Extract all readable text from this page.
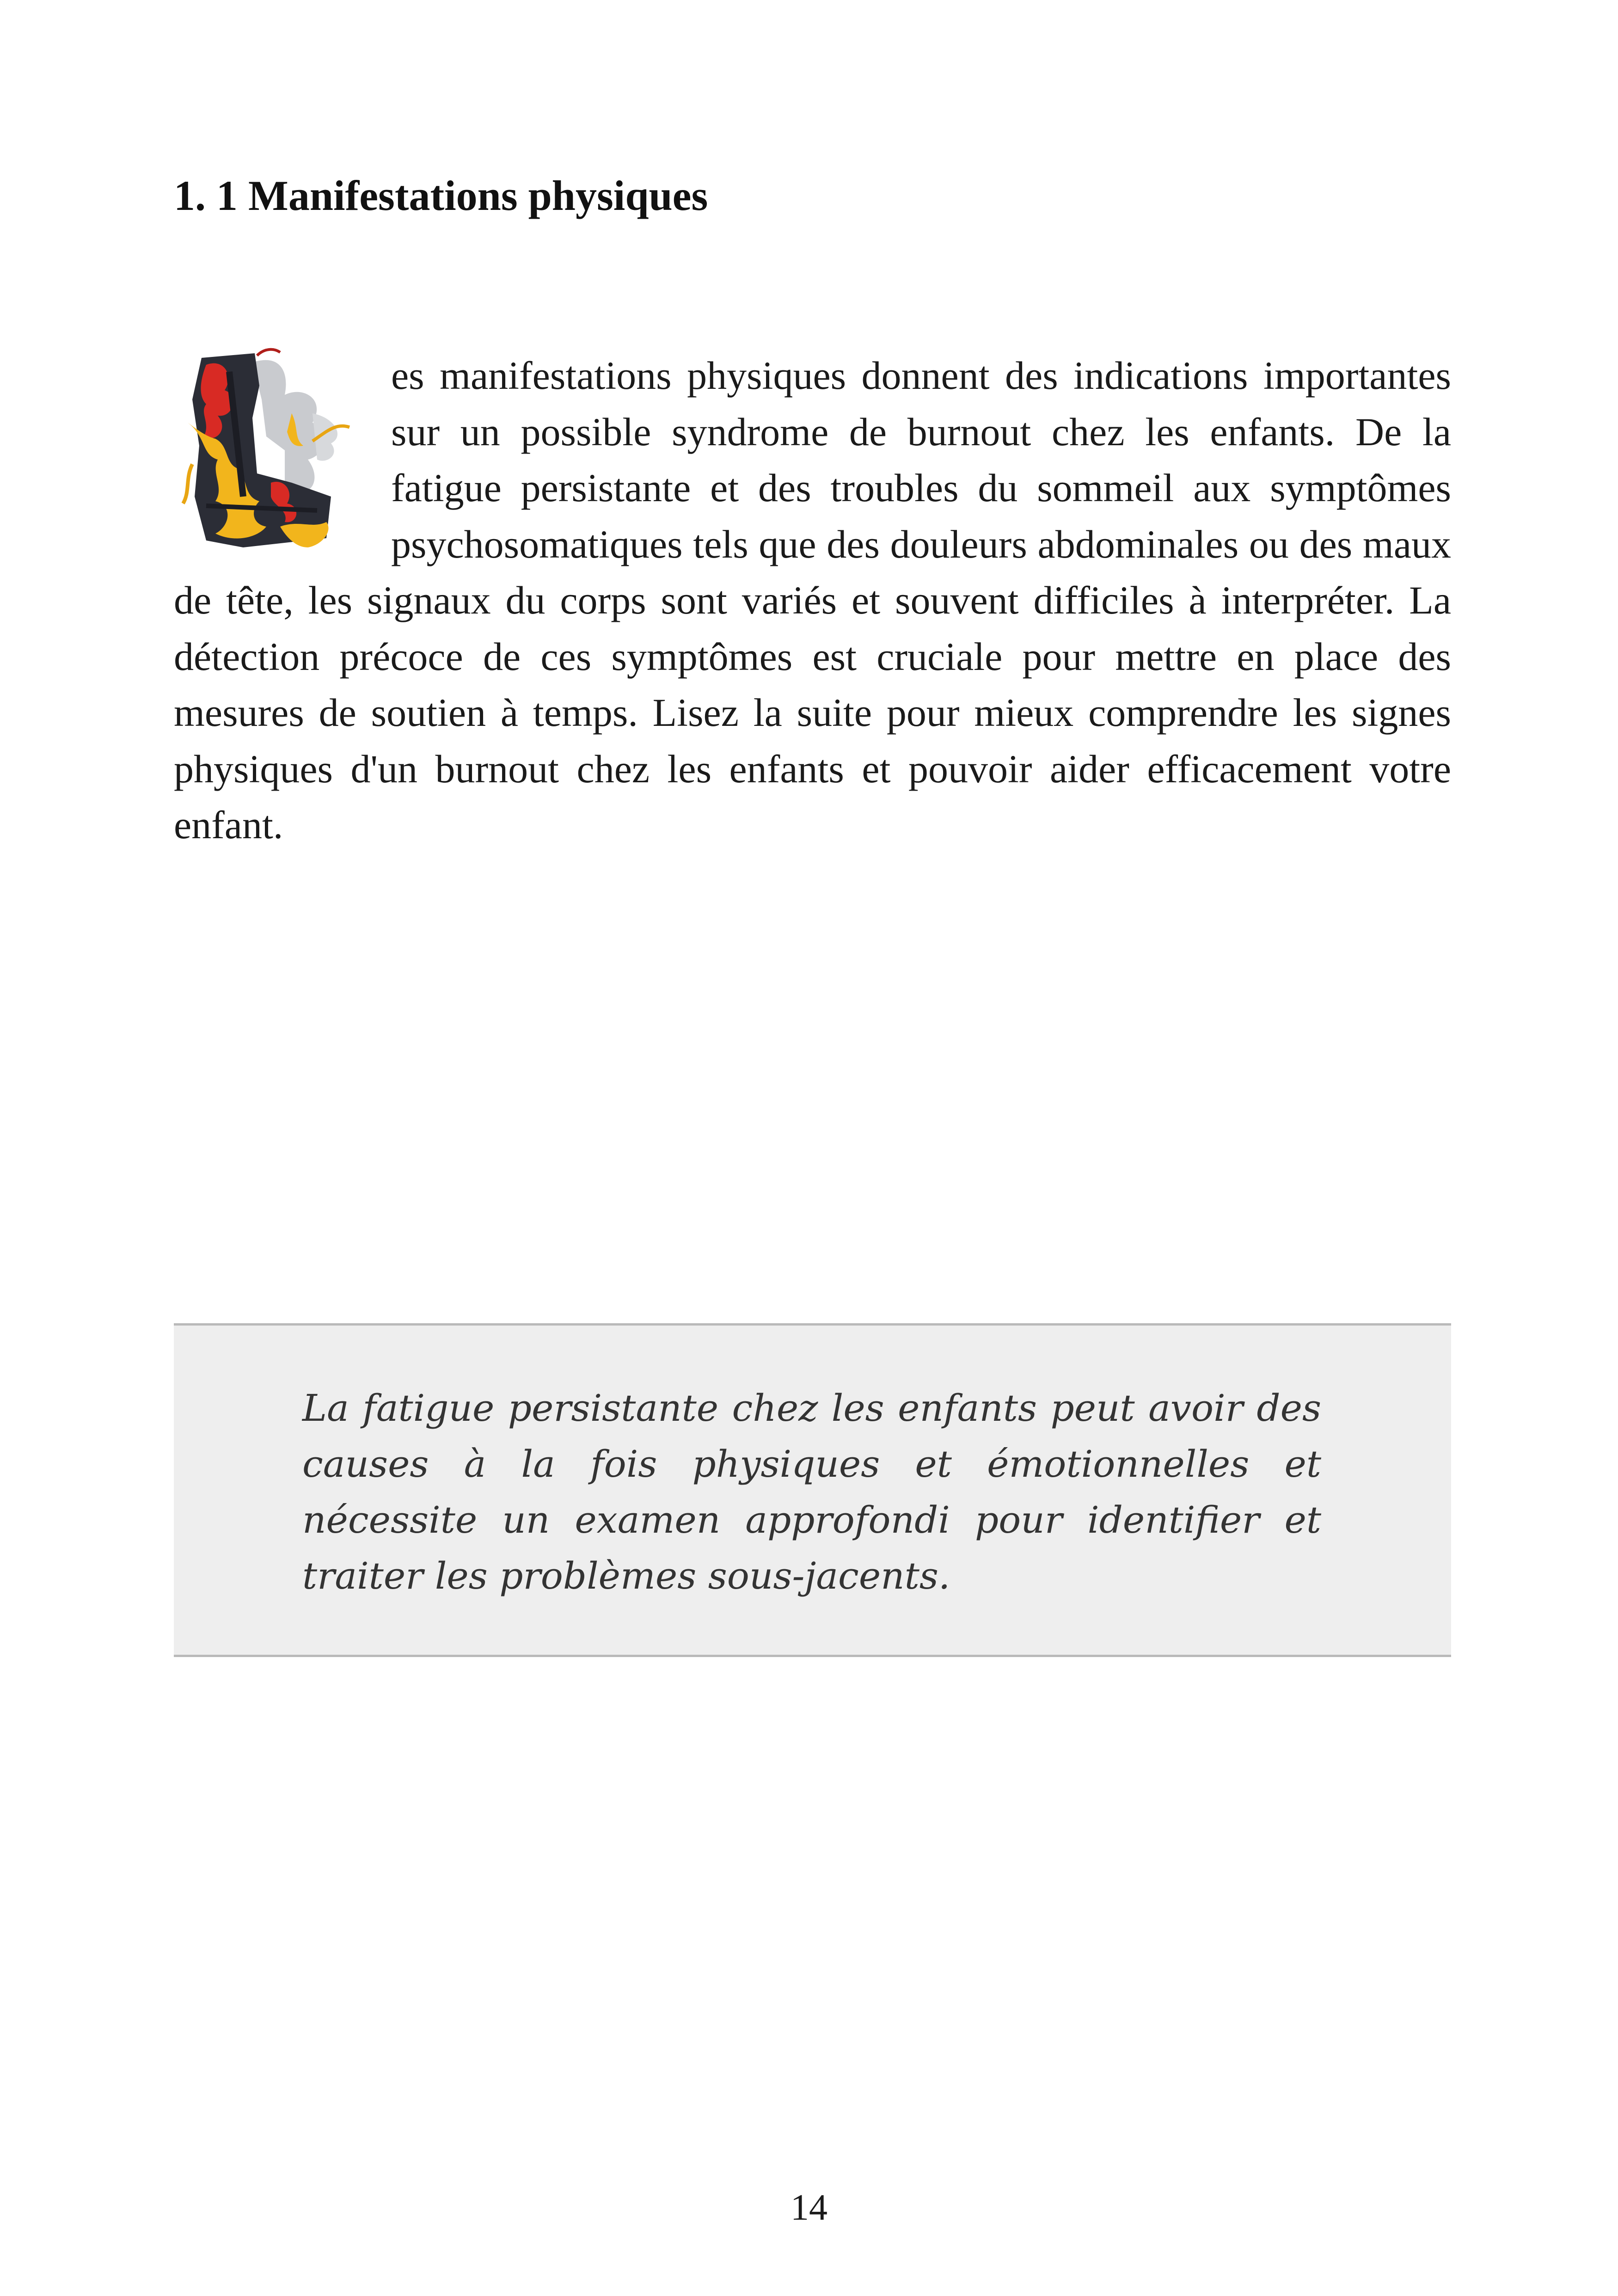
1. 1 Manifestations physiques

es manifestations physiques donnent des indications importantes sur un possible syndrome de burnout chez les enfants. De la fatigue persistante et des troubles du sommeil aux symptômes psychosomatiques tels que des douleurs abdominales ou des maux de tête, les signaux du corps sont variés et souvent difficiles à interpréter. La détection précoce de ces symptômes est cruciale pour mettre en place des mesures de soutien à temps. Lisez la suite pour mieux comprendre les signes physiques d'un burnout chez les enfants et pouvoir aider efficacement votre enfant.

La fatigue persistante chez les enfants peut avoir des causes à la fois physiques et émotionnelles et nécessite un examen approfondi pour identifier et traiter les problèmes sous-jacents.

14
